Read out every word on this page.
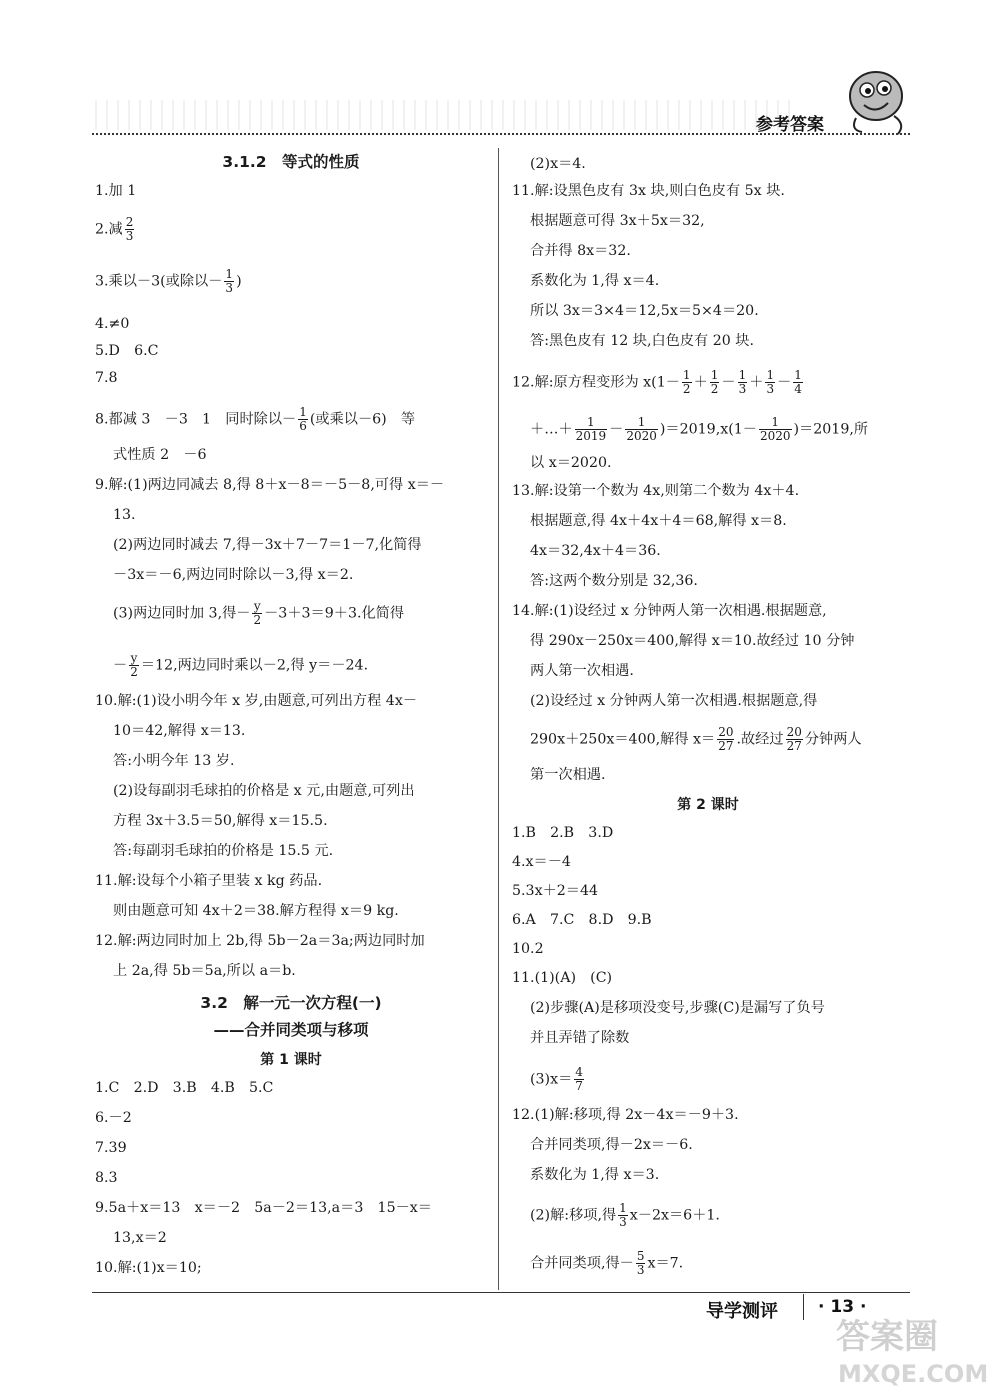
参考答案
3.1.2　等式的性质
1.加 1
2.减 $\frac{2}{3}$
3.乘以－3(或除以－ $\frac{1}{3}$ )
4.≠0
5.D　6.C
7.8
8.都减 3　－3　1　同时除以－ $\frac{1}{6}$ (或乘以－6)　等
式性质 2　－6
9.解:(1)两边同减去 8,得 8＋x－8＝－5－8,可得 x＝－
13.
(2)两边同时减去 7,得－3x＋7－7＝1－7,化简得
－3x＝－6,两边同时除以－3,得 x＝2.
(3)两边同时加 3,得－ $\frac{y}{2} -3+3=9+3$.化简得
－ $\frac{y}{2} =12$,两边同时乘以－2,得 y＝－24.
10.解:(1)设小明今年 x 岁,由题意,可列出方程 4x－
10＝42,解得 x＝13.
答:小明今年 13 岁.
(2)设每副羽毛球拍的价格是 x 元,由题意,可列出
方程 3x＋3.5＝50,解得 x＝15.5.
答:每副羽毛球拍的价格是 15.5 元.
11.解:设每个小箱子里装 x kg 药品.
则由题意可知 4x＋2＝38.解方程得 x＝9 kg.
12.解:两边同时加上 2b,得 5b－2a＝3a;两边同时加
上 2a,得 5b＝5a,所以 a＝b.
3.2　解一元一次方程(一)
——合并同类项与移项
第 1 课时
1.C　2.D　3.B　4.B　5.C
6.－2
7.39
8.3
9.5a＋x＝13　x＝－2　5a－2＝13,a＝3　15－x＝
13,x＝2
10.解:(1)x＝10;
(2)x＝4.
11.解:设黑色皮有 3x 块,则白色皮有 5x 块.
根据题意可得 3x＋5x＝32,
合并得 8x＝32.
系数化为 1,得 x＝4.
所以 3x＝3×4＝12,5x＝5×4＝20.
答:黑色皮有 12 块,白色皮有 20 块.
12.解:原方程变形为 $x(1- \frac{1}{2} + \frac{1}{2} - \frac{1}{3} + \frac{1}{3} - \frac{1}{4}$
＋…＋ $\frac{1}{2019} - \frac{1}{2020} )=2019,x(1- \frac{1}{2020} )=2019$,所
以 x＝2020.
13.解:设第一个数为 4x,则第二个数为 4x＋4.
根据题意,得 4x＋4x＋4＝68,解得 x＝8.
4x＝32,4x＋4＝36.
答:这两个数分别是 32,36.
14.解:(1)设经过 x 分钟两人第一次相遇.根据题意,
得 290x－250x＝400,解得 x＝10.故经过 10 分钟
两人第一次相遇.
(2)设经过 x 分钟两人第一次相遇.根据题意,得
290x＋250x＝400,解得 $x= \frac{20}{27}$ .故经过 $\frac{20}{27}$ 分钟两人
第一次相遇.
第 2 课时
1.B　2.B　3.D
4.x＝－4
5.3x＋2＝44
6.A　7.C　8.D　9.B
10.2
11.(1)(A)　(C)
(2)步骤(A)是移项没变号,步骤(C)是漏写了负号
并且弄错了除数
$(3)x= \frac{4}{7}$
12.(1)解:移项,得 2x－4x＝－9＋3.
合并同类项,得－2x＝－6.
系数化为 1,得 x＝3.
(2)解:移项,得 $\frac{1}{3} x-2x=6+1$.
合并同类项,得－ $\frac{5}{3} x=7$.
导学测评 · 13 ·
答案圈
MXQE.COM
